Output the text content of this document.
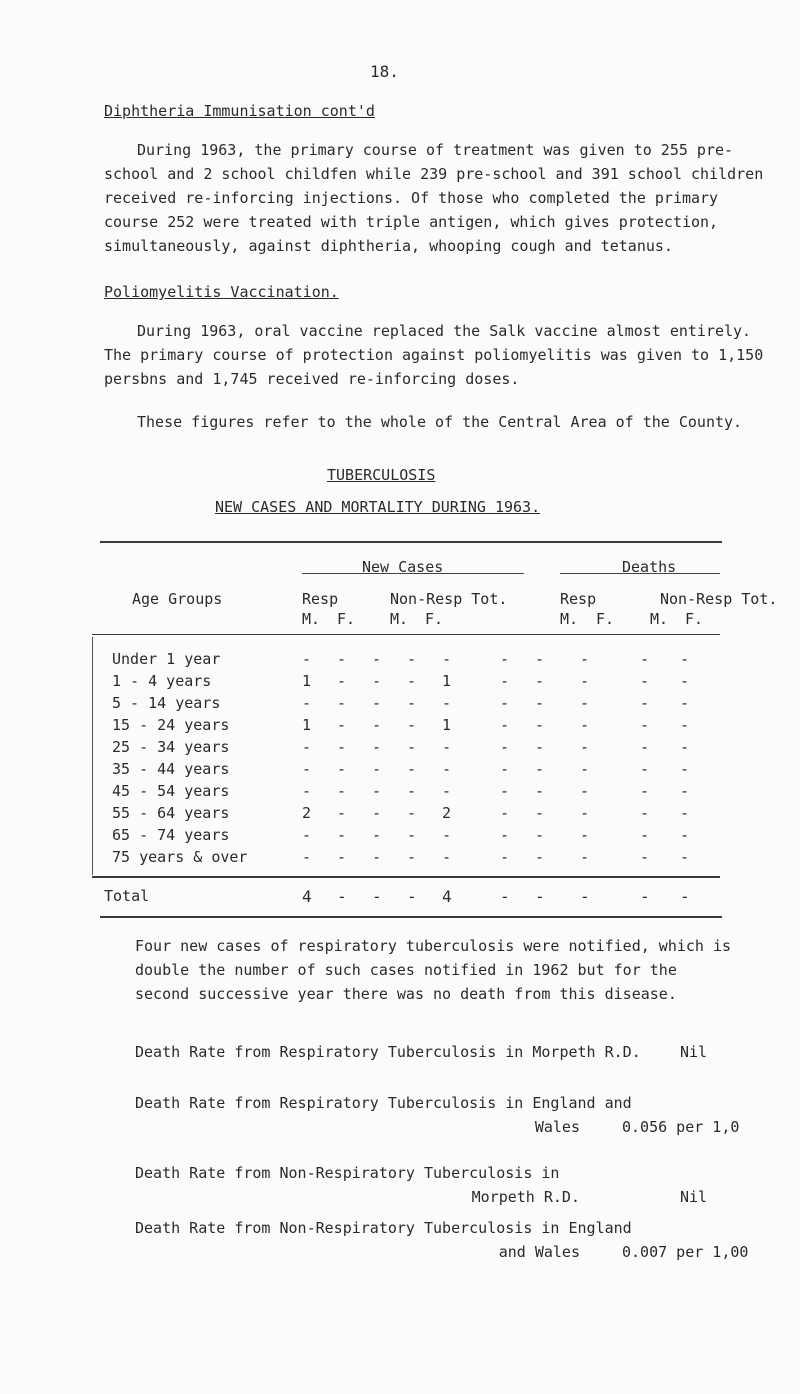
18.
Diphtheria Immunisation cont'd
During 1963, the primary course of treatment was given to 255 pre-school and 2 school childfen while 239 pre-school and 391 school children received re-inforcing injections. Of those who completed the primary course 252 were treated with triple antigen, which gives protection, simultaneously, against diphtheria, whooping cough and tetanus.
Poliomyelitis Vaccination.
During 1963, oral vaccine replaced the Salk vaccine almost entirely. The primary course of protection against poliomyelitis was given to 1,150 persbns and 1,745 received re-inforcing doses.
These figures refer to the whole of the Central Area of the County.
TUBERCULOSIS
NEW CASES AND MORTALITY DURING 1963.
New Cases	Deaths
Age Groups	Resp	Non-Resp Tot.	Resp	Non-Resp Tot.
M. F. M. F.	M. F. M. F.
Under 1 year	- - - - -	- - -	- -
1 - 4 years	1 - - - 1	- - -	- -
5 - 14 years	- - - - -	- - -	- -
15 - 24 years	1 - - - 1	- - -	- -
25 - 34 years	- - - - -	- - -	- -
35 - 44 years	- - - - -	- - -	- -
45 - 54 years	- - - - -	- - -	- -
55 - 64 years	2 - - - 2	- - -	- -
65 - 74 years	- - - - -	- - -	- -
75 years & over	- - - - -	- - -	- -
Total	4 - - - 4	- - -	- -
Four new cases of respiratory tuberculosis were notified, which is double the number of such cases notified in 1962 but for the second successive year there was no death from this disease.
Death Rate from Respiratory Tuberculosis in Morpeth R.D.	Nil
Death Rate from Respiratory Tuberculosis in England and
Wales	0.056 per 1,0
Death Rate from Non-Respiratory Tuberculosis in
Morpeth R.D.	Nil
Death Rate from Non-Respiratory Tuberculosis in England
and Wales	0.007 per 1,00
